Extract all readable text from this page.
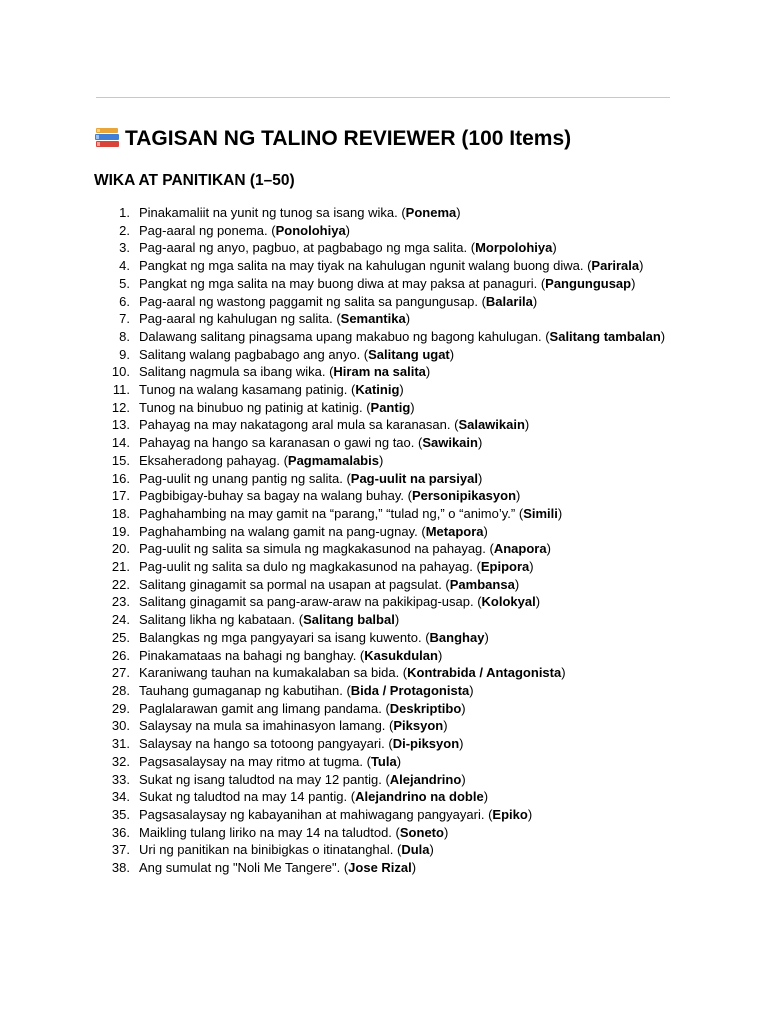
TAGISAN NG TALINO REVIEWER (100 Items)
WIKA AT PANITIKAN (1–50)
1. Pinakamaliit na yunit ng tunog sa isang wika. (Ponema)
2. Pag-aaral ng ponema. (Ponolohiya)
3. Pag-aaral ng anyo, pagbuo, at pagbabago ng mga salita. (Morpolohiya)
4. Pangkat ng mga salita na may tiyak na kahulugan ngunit walang buong diwa. (Parirala)
5. Pangkat ng mga salita na may buong diwa at may paksa at panaguri. (Pangungusap)
6. Pag-aaral ng wastong paggamit ng salita sa pangungusap. (Balarila)
7. Pag-aaral ng kahulugan ng salita. (Semantika)
8. Dalawang salitang pinagsama upang makabuo ng bagong kahulugan. (Salitang tambalan)
9. Salitang walang pagbabago ang anyo. (Salitang ugat)
10. Salitang nagmula sa ibang wika. (Hiram na salita)
11. Tunog na walang kasamang patinig. (Katinig)
12. Tunog na binubuo ng patinig at katinig. (Pantig)
13. Pahayag na may nakatagong aral mula sa karanasan. (Salawikain)
14. Pahayag na hango sa karanasan o gawi ng tao. (Sawikain)
15. Eksaheradong pahayag. (Pagmamalabis)
16. Pag-uulit ng unang pantig ng salita. (Pag-uulit na parsiyal)
17. Pagbibigay-buhay sa bagay na walang buhay. (Personipikasyon)
18. Paghahambing na may gamit na “parang,” “tulad ng,” o “animo’y.” (Simili)
19. Paghahambing na walang gamit na pang-ugnay. (Metapora)
20. Pag-uulit ng salita sa simula ng magkakasunod na pahayag. (Anapora)
21. Pag-uulit ng salita sa dulo ng magkakasunod na pahayag. (Epipora)
22. Salitang ginagamit sa pormal na usapan at pagsulat. (Pambansa)
23. Salitang ginagamit sa pang-araw-araw na pakikipag-usap. (Kolokyal)
24. Salitang likha ng kabataan. (Salitang balbal)
25. Balangkas ng mga pangyayari sa isang kuwento. (Banghay)
26. Pinakamataas na bahagi ng banghay. (Kasukdulan)
27. Karaniwang tauhan na kumakalaban sa bida. (Kontrabida / Antagonista)
28. Tauhang gumaganap ng kabutihan. (Bida / Protagonista)
29. Paglalarawan gamit ang limang pandama. (Deskriptibo)
30. Salaysay na mula sa imahinasyon lamang. (Piksyon)
31. Salaysay na hango sa totoong pangyayari. (Di-piksyon)
32. Pagsasalaysay na may ritmo at tugma. (Tula)
33. Sukat ng isang taludtod na may 12 pantig. (Alejandrino)
34. Sukat ng taludtod na may 14 pantig. (Alejandrino na doble)
35. Pagsasalaysay ng kabayanihan at mahiwagang pangyayari. (Epiko)
36. Maikling tulang liriko na may 14 na taludtod. (Soneto)
37. Uri ng panitikan na binibigkas o itinatanghal. (Dula)
38. Ang sumulat ng "Noli Me Tangere". (Jose Rizal)
